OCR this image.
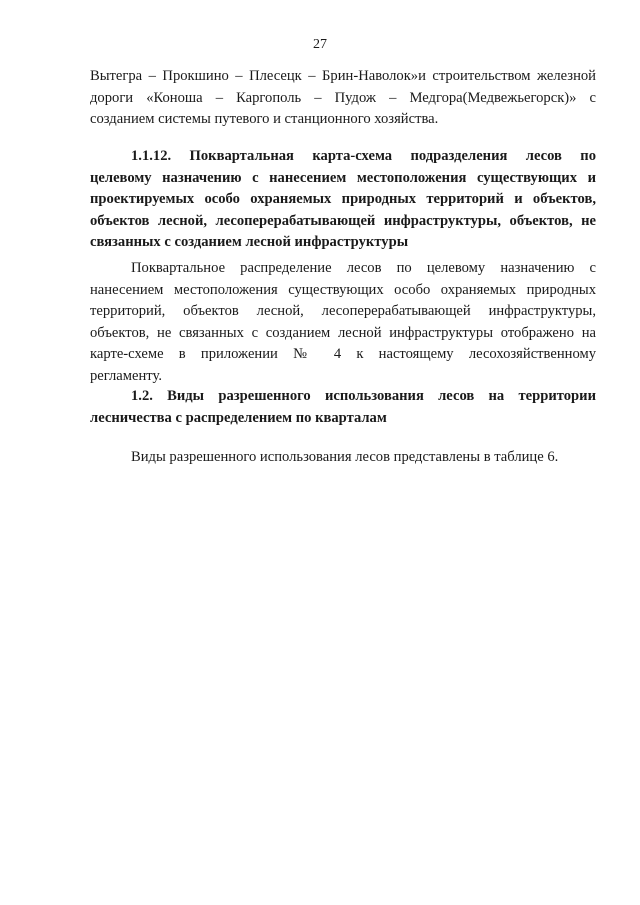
27
Вытегра – Прокшино – Плесецк – Брин-Наволок»и строительством железной
дороги «Коноша – Каргополь – Пудож – Медгора(Медвежьегорск)» с
созданием системы путевого и станционного хозяйства.
1.1.12. Поквартальная карта-схема подразделения лесов по
целевому назначению с нанесением местоположения существующих и
проектируемых особо охраняемых природных территорий и объектов,
объектов лесной, лесоперерабатывающей инфраструктуры, объектов, не
связанных с созданием лесной инфраструктуры
Поквартальное распределение лесов по целевому назначению с
нанесением местоположения существующих особо охраняемых природных
территорий, объектов лесной, лесоперерабатывающей инфраструктуры,
объектов, не связанных с созданием лесной инфраструктуры отображено на
карте-схеме в приложении № 4 к настоящему лесохозяйственному
регламенту.
1.2. Виды разрешенного использования лесов на территории
лесничества с распределением по кварталам
Виды разрешенного использования лесов представлены в таблице 6.
